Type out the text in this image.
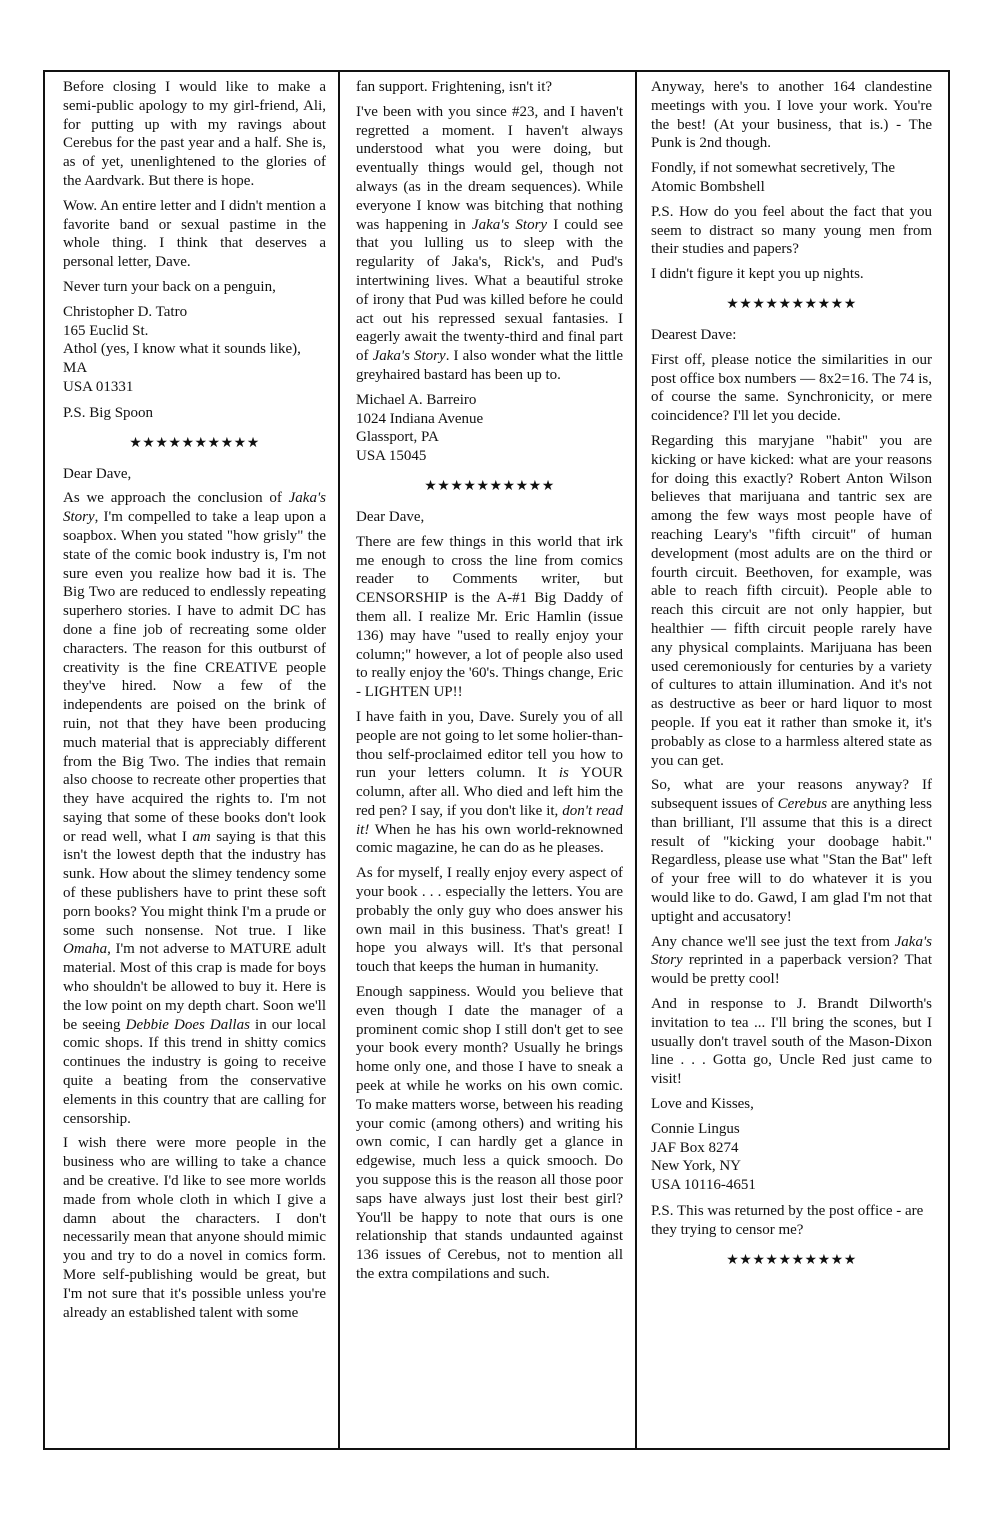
Before closing I would like to make a semi-public apology to my girl-friend, Ali, for putting up with my ravings about Cerebus for the past year and a half. She is, as of yet, unenlightened to the glories of the Aardvark. But there is hope.

Wow. An entire letter and I didn't mention a favorite band or sexual pastime in the whole thing. I think that deserves a personal letter, Dave.

Never turn your back on a penguin,

Christopher D. Tatro

165 Euclid St.

Athol (yes, I know what it sounds like), MA

USA 01331

P.S. Big Spoon

★★★★★★★★★★

Dear Dave,

As we approach the conclusion of Jaka's Story, I'm compelled to take a leap upon a soapbox. When you stated "how grisly" the state of the comic book industry is, I'm not sure even you realize how bad it is. The Big Two are reduced to endlessly repeating superhero stories. I have to admit DC has done a fine job of recreating some older characters. The reason for this outburst of creativity is the fine CREATIVE people they've hired. Now a few of the independents are poised on the brink of ruin, not that they have been producing much material that is appreciably different from the Big Two. The indies that remain also choose to recreate other properties that they have acquired the rights to. I'm not saying that some of these books don't look or read well, what I am saying is that this isn't the lowest depth that the industry has sunk. How about the slimey tendency some of these publishers have to print these soft porn books? You might think I'm a prude or some such nonsense. Not true. I like Omaha, I'm not adverse to MATURE adult material. Most of this crap is made for boys who shouldn't be allowed to buy it. Here is the low point on my depth chart. Soon we'll be seeing Debbie Does Dallas in our local comic shops. If this trend in shitty comics continues the industry is going to receive quite a beating from the conservative elements in this country that are calling for censorship.

I wish there were more people in the business who are willing to take a chance and be creative. I'd like to see more worlds made from whole cloth in which I give a damn about the characters. I don't necessarily mean that anyone should mimic you and try to do a novel in comics form. More self-publishing would be great, but I'm not sure that it's possible unless you're already an established talent with some

fan support. Frightening, isn't it?

I've been with you since #23, and I haven't regretted a moment. I haven't always understood what you were doing, but eventually things would gel, though not always (as in the dream sequences). While everyone I know was bitching that nothing was happening in Jaka's Story I could see that you lulling us to sleep with the regularity of Jaka's, Rick's, and Pud's intertwining lives. What a beautiful stroke of irony that Pud was killed before he could act out his repressed sexual fantasies. I eagerly await the twenty-third and final part of Jaka's Story. I also wonder what the little greyhaired bastard has been up to.

Michael A. Barreiro

1024 Indiana Avenue

Glassport, PA

USA 15045

★★★★★★★★★★

Dear Dave,

There are few things in this world that irk me enough to cross the line from comics reader to Comments writer, but CENSORSHIP is the A-#1 Big Daddy of them all. I realize Mr. Eric Hamlin (issue 136) may have "used to really enjoy your column;" however, a lot of people also used to really enjoy the '60's. Things change, Eric - LIGHTEN UP!!

I have faith in you, Dave. Surely you of all people are not going to let some holier-than-thou self-proclaimed editor tell you how to run your letters column. It is YOUR column, after all. Who died and left him the red pen? I say, if you don't like it, don't read it! When he has his own world-reknowned comic magazine, he can do as he pleases.

As for myself, I really enjoy every aspect of your book . . . especially the letters. You are probably the only guy who does answer his own mail in this business. That's great! I hope you always will. It's that personal touch that keeps the human in humanity.

Enough sappiness. Would you believe that even though I date the manager of a prominent comic shop I still don't get to see your book every month? Usually he brings home only one, and those I have to sneak a peek at while he works on his own comic. To make matters worse, between his reading your comic (among others) and writing his own comic, I can hardly get a glance in edgewise, much less a quick smooch. Do you suppose this is the reason all those poor saps have always just lost their best girl? You'll be happy to note that ours is one relationship that stands undaunted against 136 issues of Cerebus, not to mention all the extra compilations and such.

Anyway, here's to another 164 clandestine meetings with you. I love your work. You're the best! (At your business, that is.) - The Punk is 2nd though.

Fondly, if not somewhat secretively, The Atomic Bombshell

P.S. How do you feel about the fact that you seem to distract so many young men from their studies and papers?

I didn't figure it kept you up nights.

★★★★★★★★★★

Dearest Dave:

First off, please notice the similarities in our post office box numbers — 8x2=16. The 74 is, of course the same. Synchronicity, or mere coincidence? I'll let you decide.

Regarding this maryjane "habit" you are kicking or have kicked: what are your reasons for doing this exactly? Robert Anton Wilson believes that marijuana and tantric sex are among the few ways most people have of reaching Leary's "fifth circuit" of human development (most adults are on the third or fourth circuit. Beethoven, for example, was able to reach fifth circuit). People able to reach this circuit are not only happier, but healthier — fifth circuit people rarely have any physical complaints. Marijuana has been used ceremoniously for centuries by a variety of cultures to attain illumination. And it's not as destructive as beer or hard liquor to most people. If you eat it rather than smoke it, it's probably as close to a harmless altered state as you can get.

So, what are your reasons anyway? If subsequent issues of Cerebus are anything less than brilliant, I'll assume that this is a direct result of "kicking your doobage habit." Regardless, please use what "Stan the Bat" left of your free will to do whatever it is you would like to do. Gawd, I am glad I'm not that uptight and accusatory!

Any chance we'll see just the text from Jaka's Story reprinted in a paperback version? That would be pretty cool!

And in response to J. Brandt Dilworth's invitation to tea ... I'll bring the scones, but I usually don't travel south of the Mason-Dixon line . . . Gotta go, Uncle Red just came to visit!

Love and Kisses,

Connie Lingus

JAF Box 8274

New York, NY

USA 10116-4651

P.S. This was returned by the post office - are they trying to censor me?

★★★★★★★★★★
